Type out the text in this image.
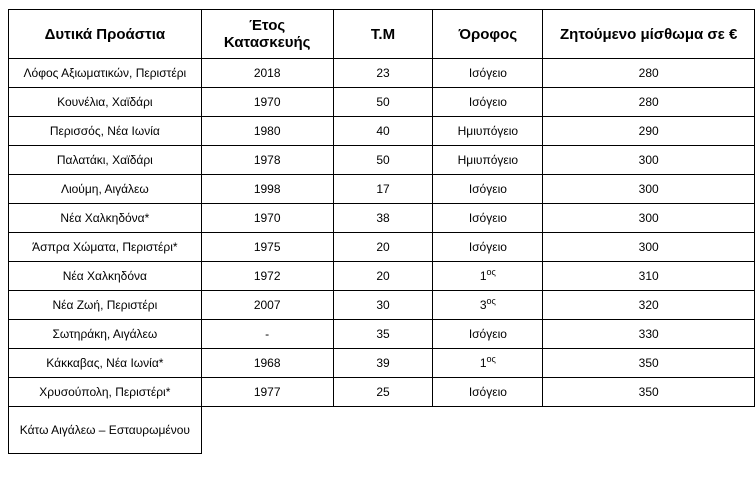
Δυτικά Προάστια	Έτος Κατασκευής	Τ.Μ	Όροφος	Ζητούμενο μίσθωμα σε €
Λόφος Αξιωματικών, Περιστέρι	2018	23	Ισόγειο	280
Κουνέλια, Χαϊδάρι	1970	50	Ισόγειο	280
Περισσός, Νέα Ιωνία	1980	40	Ημιυπόγειο	290
Παλατάκι, Χαϊδάρι	1978	50	Ημιυπόγειο	300
Λιούμη, Αιγάλεω	1998	17	Ισόγειο	300
Νέα Χαλκηδόνα*	1970	38	Ισόγειο	300
Άσπρα Χώματα, Περιστέρι*	1975	20	Ισόγειο	300
Νέα Χαλκηδόνα	1972	20	$1^{o\varsigma}$	310
Νέα Ζωή, Περιστέρι	2007	30	$3^{o\varsigma}$	320
Σωτηράκη, Αιγάλεω	-	35	Ισόγειο	330
Κάκκαβας, Νέα Ιωνία*	1968	39	$1^{o\varsigma}$	350
Χρυσούπολη, Περιστέρι*	1977	25	Ισόγειο	350
Κάτω Αιγάλεω – Εσταυρωμένου				
